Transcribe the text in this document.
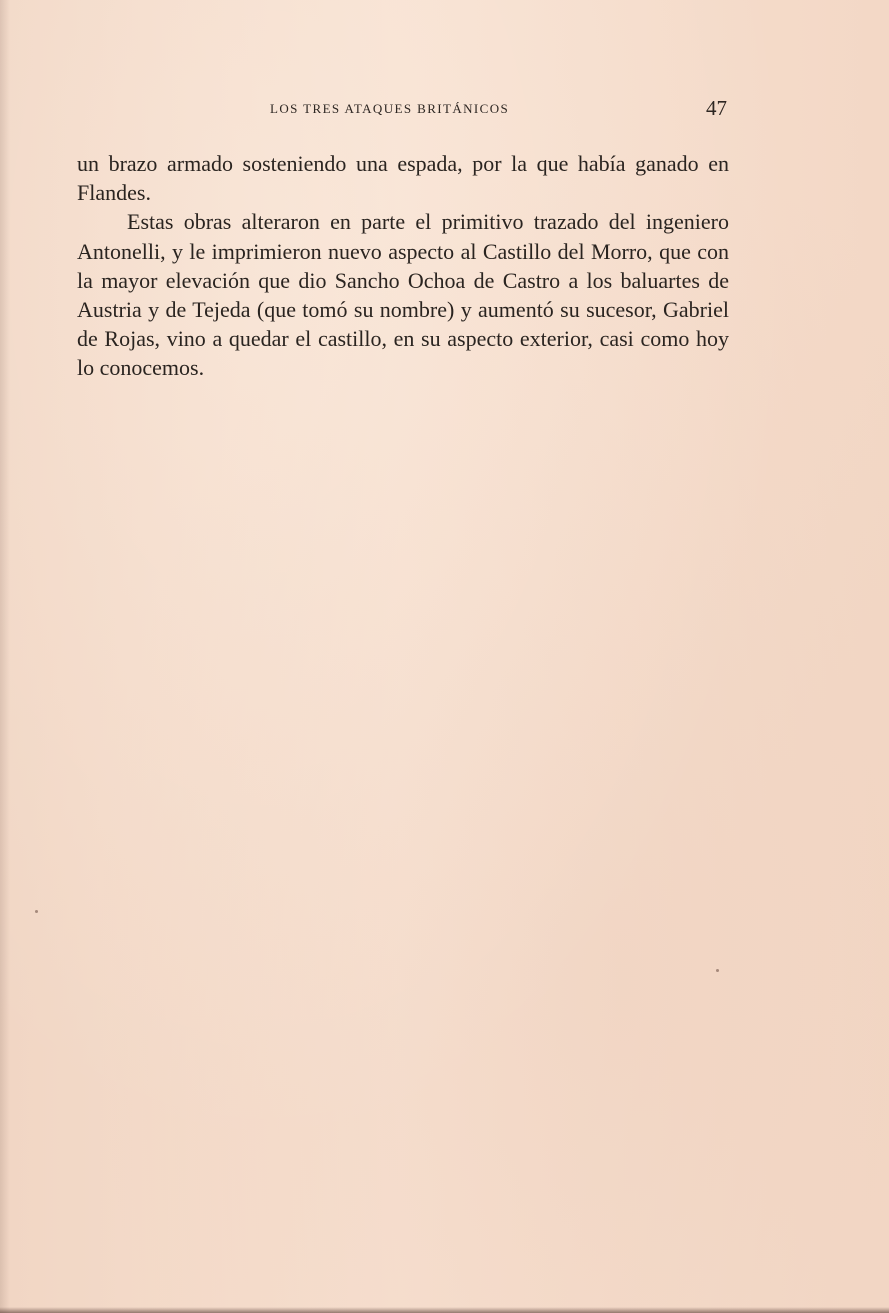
LOS TRES ATAQUES BRITÁNICOS	47

un brazo armado sosteniendo una espada, por la que había ganado en Flandes.

Estas obras alteraron en parte el primitivo trazado del ingeniero Antonelli, y le imprimieron nuevo aspecto al Castillo del Morro, que con la mayor elevación que dio Sancho Ochoa de Castro a los baluartes de Austria y de Tejeda (que tomó su nombre) y aumentó su sucesor, Gabriel de Rojas, vino a quedar el castillo, en su aspecto exterior, casi como hoy lo conocemos.
